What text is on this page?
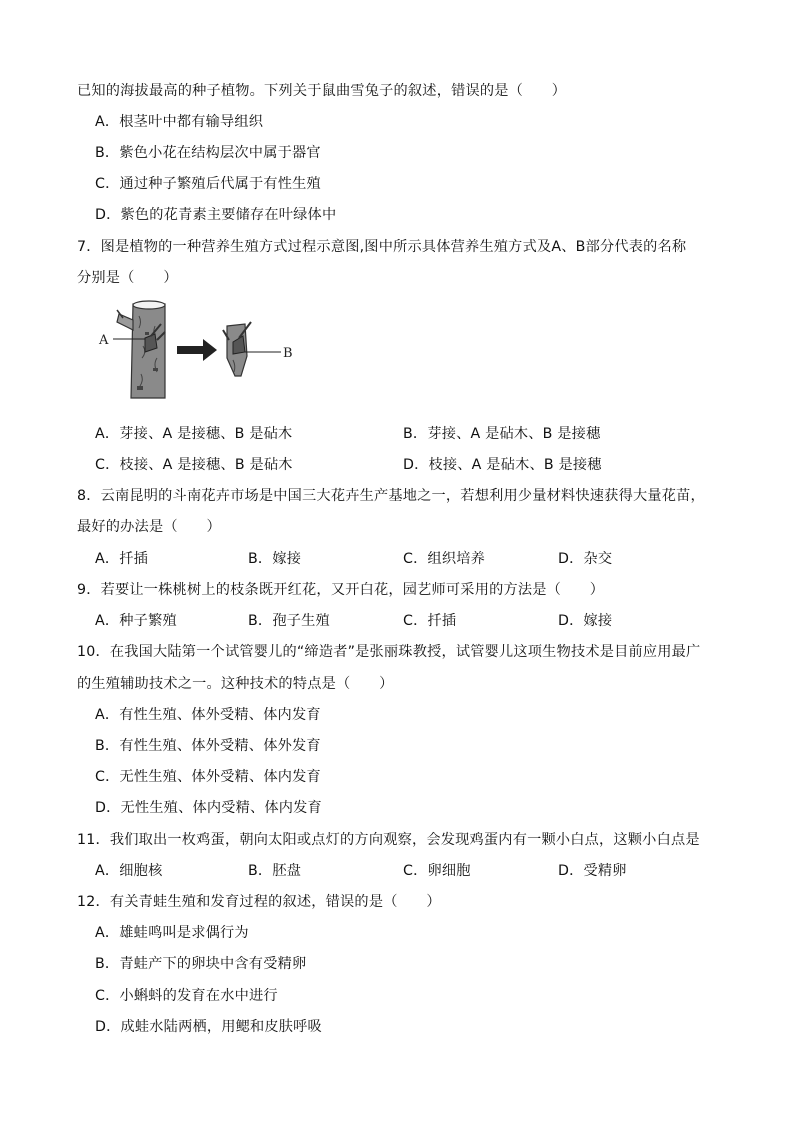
已知的海拔最高的种子植物。下列关于鼠曲雪兔子的叙述，错误的是（　　）
A．根茎叶中都有输导组织
B．紫色小花在结构层次中属于器官
C．通过种子繁殖后代属于有性生殖
D．紫色的花青素主要储存在叶绿体中
7．图是植物的一种营养生殖方式过程示意图,图中所示具体营养生殖方式及A、B部分代表的名称
分别是（　　）
A
B
A．芽接、A 是接穗、B 是砧木	B．芽接、A 是砧木、B 是接穗
C．枝接、A 是接穗、B 是砧木	D．枝接、A 是砧木、B 是接穗
8．云南昆明的斗南花卉市场是中国三大花卉生产基地之一，若想利用少量材料快速获得大量花苗，
最好的办法是（　　）
A．扦插	B．嫁接	C．组织培养	D．杂交
9．若要让一株桃树上的枝条既开红花，又开白花，园艺师可采用的方法是（　　）
A．种子繁殖	B．孢子生殖	C．扦插	D．嫁接
10．在我国大陆第一个试管婴儿的“缔造者”是张丽珠教授，试管婴儿这项生物技术是目前应用最广
的生殖辅助技术之一。这种技术的特点是（　　）
A．有性生殖、体外受精、体内发育
B．有性生殖、体外受精、体外发育
C．无性生殖、体外受精、体内发育
D．无性生殖、体内受精、体内发育
11．我们取出一枚鸡蛋，朝向太阳或点灯的方向观察，会发现鸡蛋内有一颗小白点，这颗小白点是
A．细胞核	B．胚盘	C．卵细胞	D．受精卵
12．有关青蛙生殖和发育过程的叙述，错误的是（　　）
A．雄蛙鸣叫是求偶行为
B．青蛙产下的卵块中含有受精卵
C．小蝌蚪的发育在水中进行
D．成蛙水陆两栖，用鳃和皮肤呼吸
